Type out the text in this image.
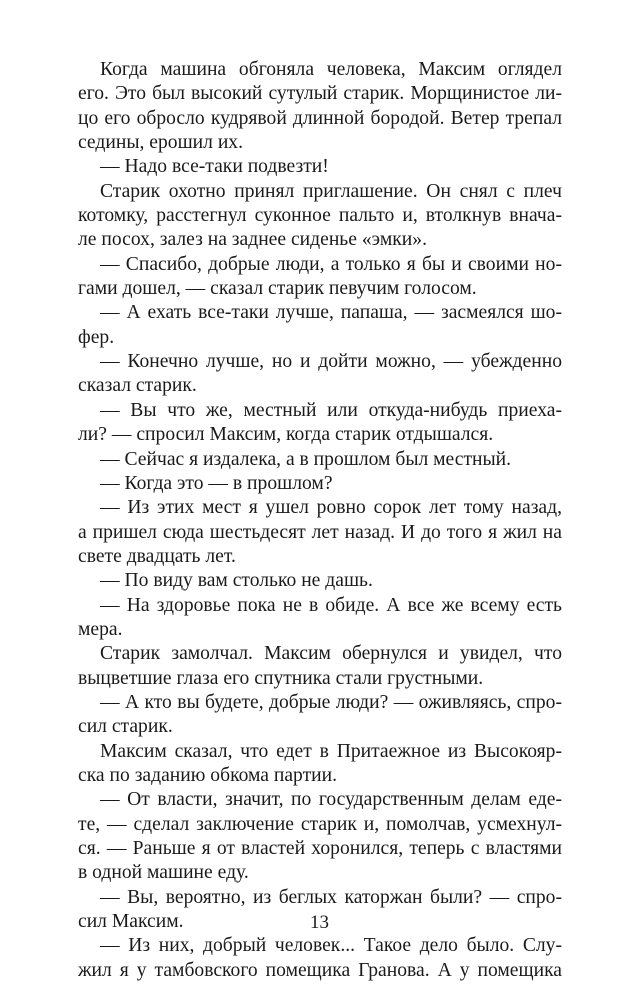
Когда машина обгоняла человека, Максим оглядел
его. Это был высокий сутулый старик. Морщинистое ли-
цо его обросло кудрявой длинной бородой. Ветер трепал
седины, ерошил их.
— Надо все-таки подвезти!
Старик охотно принял приглашение. Он снял с плеч
котомку, расстегнул суконное пальто и, втолкнув внача-
ле посох, залез на заднее сиденье «эмки».
— Спасибо, добрые люди, а только я бы и своими но-
гами дошел, — сказал старик певучим голосом.
— А ехать все-таки лучше, папаша, — засмеялся шо-
фер.
— Конечно лучше, но и дойти можно, — убежденно
сказал старик.
— Вы что же, местный или откуда-нибудь приеха-
ли? — спросил Максим, когда старик отдышался.
— Сейчас я издалека, а в прошлом был местный.
— Когда это — в прошлом?
— Из этих мест я ушел ровно сорок лет тому назад,
а пришел сюда шестьдесят лет назад. И до того я жил на
свете двадцать лет.
— По виду вам столько не дашь.
— На здоровье пока не в обиде. А все же всему есть
мера.
Старик замолчал. Максим обернулся и увидел, что
выцветшие глаза его спутника стали грустными.
— А кто вы будете, добрые люди? — оживляясь, спро-
сил старик.
Максим сказал, что едет в Притаежное из Высокояр-
ска по заданию обкома партии.
— От власти, значит, по государственным делам еде-
те, — сделал заключение старик и, помолчав, усмехнул-
ся. — Раньше я от властей хоронился, теперь с властями
в одной машине еду.
— Вы, вероятно, из беглых каторжан были? — спро-
сил Максим.
— Из них, добрый человек... Такое дело было. Слу-
жил я у тамбовского помещика Гранова. А у помещика
13
